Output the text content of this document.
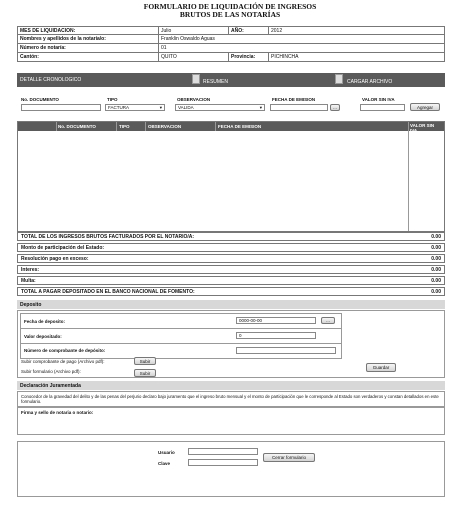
FORMULARIO DE LIQUIDACIÓN DE INGRESOS
BRUTOS DE LAS NOTARÍAS
MES DE LIQUIDACION:	Julio	AÑO:	2012
Nombres y apellidos de la notaría/o:	Franklin Oswaldo Aguas
Número de notaría:	01
Cantón:	QUITO	Provincia:	PICHINCHA
DETALLE CRONOLOGICO	RESUMEN	CARGAR ARCHIVO
No. DOCUMENTO	TIPO	OBSERVACION	FECHA DE EMISION	VALOR SIN IVA
FACTURA	▾	VALIDA	▾	...	Agregar
No. DOCUMENTO	TIPO	OBSERVACION	FECHA DE EMISION	VALOR SIN IVA
TOTAL DE LOS INGRESOS BRUTOS FACTURADOS POR EL NOTARIO/A:	0.00
Monto de participación del Estado:	0.00
Resolución pago en exceso:	0.00
Interes:	0.00
Multa:	0.00
TOTAL A PAGAR DEPOSITADO EN EL BANCO NACIONAL DE FOMENTO:	0.00
Deposito
Fecha de deposito:	0000-00-00	...
Valor depositado:	0
Número de comprobante de depósito:
Subir comprobante de pago (Archivo pdf):	Subir
Subir formulario (Archivo pdf):	Subir
Guardar
Declaración Juramentada
Conocedor de la gravedad del delito y de las penas del perjurio declaro bajo juramento que el ingreso bruto mensual y el monto de participación que le corresponde al Estado son verdaderos y constan detallados en este formulario.
Firma y sello de notaria o notario:
Usuario
Clave
Cerrar formulario
